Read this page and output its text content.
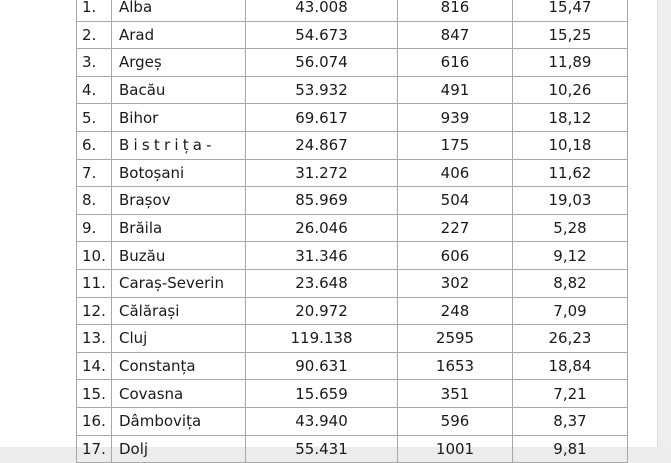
1.	Alba	43.008	816	15,47
2.	Arad	54.673	847	15,25
3.	Argeș	56.074	616	11,89
4.	Bacău	53.932	491	10,26
5.	Bihor	69.617	939	18,12
6.	Bistrița-	24.867	175	10,18
7.	Botoșani	31.272	406	11,62
8.	Brașov	85.969	504	19,03
9.	Brăila	26.046	227	5,28
10.	Buzău	31.346	606	9,12
11.	Caraș-Severin	23.648	302	8,82
12.	Călărași	20.972	248	7,09
13.	Cluj	119.138	2595	26,23
14.	Constanța	90.631	1653	18,84
15.	Covasna	15.659	351	7,21
16.	Dâmbovița	43.940	596	8,37
17.	Dolj	55.431	1001	9,81
